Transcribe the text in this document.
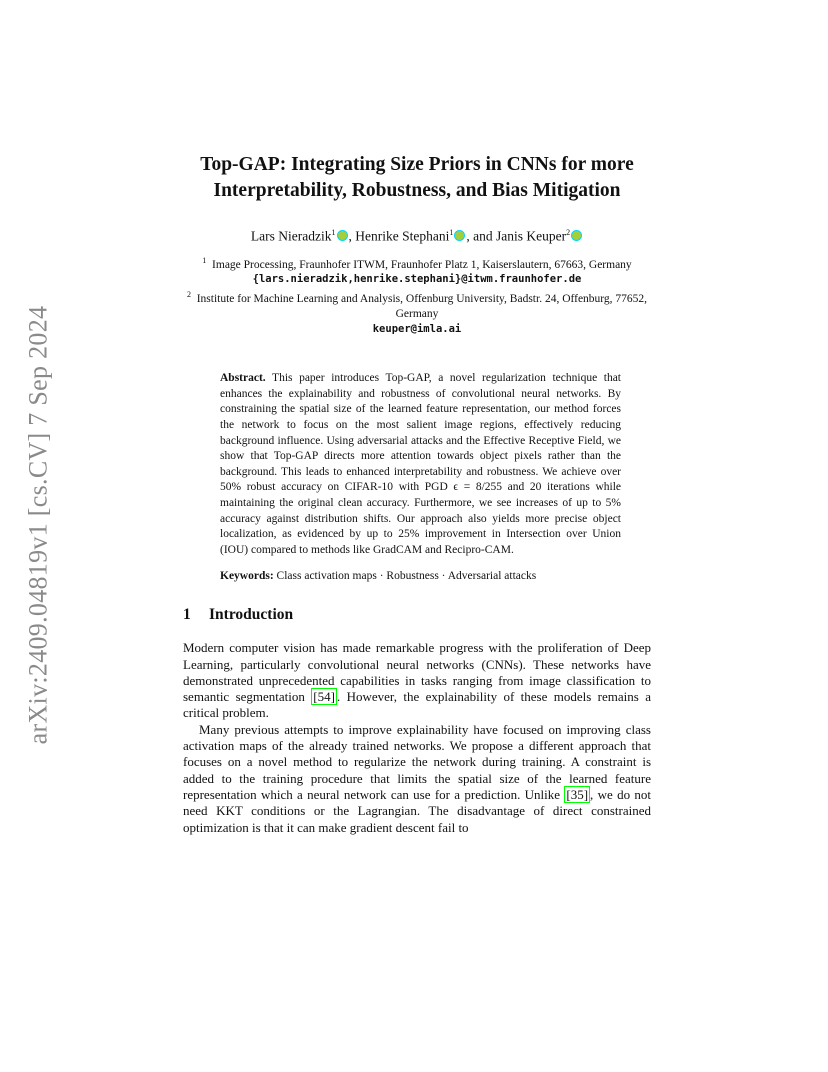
arXiv:2409.04819v1 [cs.CV] 7 Sep 2024
Top-GAP: Integrating Size Priors in CNNs for more Interpretability, Robustness, and Bias Mitigation
Lars Nieradzik$^1$ , Henrike Stephani$^1$ , and Janis Keuper$^2$

$^1$ Image Processing, Fraunhofer ITWM, Fraunhofer Platz 1, Kaiserslautern, 67663, Germany

{lars.nieradzik,henrike.stephani}@itwm.fraunhofer.de

$^2$ Institute for Machine Learning and Analysis, Offenburg University, Badstr. 24, Offenburg, 77652, Germany

keuper@imla.ai

Abstract. This paper introduces Top-GAP, a novel regularization technique that enhances the explainability and robustness of convolutional neural networks. By constraining the spatial size of the learned feature representation, our method forces the network to focus on the most salient image regions, effectively reducing background influence. Using adversarial attacks and the Effective Receptive Field, we show that Top-GAP directs more attention towards object pixels rather than the background. This leads to enhanced interpretability and robustness. We achieve over 50% robust accuracy on CIFAR-10 with PGD ϵ = 8/255 and 20 iterations while maintaining the original clean accuracy. Furthermore, we see increases of up to 5% accuracy against distribution shifts. Our approach also yields more precise object localization, as evidenced by up to 25% improvement in Intersection over Union (IOU) compared to methods like GradCAM and Recipro-CAM.
Keywords: Class activation maps · Robustness · Adversarial attacks
1 Introduction

Modern computer vision has made remarkable progress with the proliferation of Deep Learning, particularly convolutional neural networks (CNNs). These networks have demonstrated unprecedented capabilities in tasks ranging from image classification to semantic segmentation [54] . However, the explainability of these models remains a critical problem.

Many previous attempts to improve explainability have focused on improving class activation maps of the already trained networks. We propose a different approach that focuses on a novel method to regularize the network during training. A constraint is added to the training procedure that limits the spatial size of the learned feature representation which a neural network can use for a prediction. Unlike [35] , we do not need KKT conditions or the Lagrangian. The disadvantage of direct constrained optimization is that it can make gradient descent fail to
